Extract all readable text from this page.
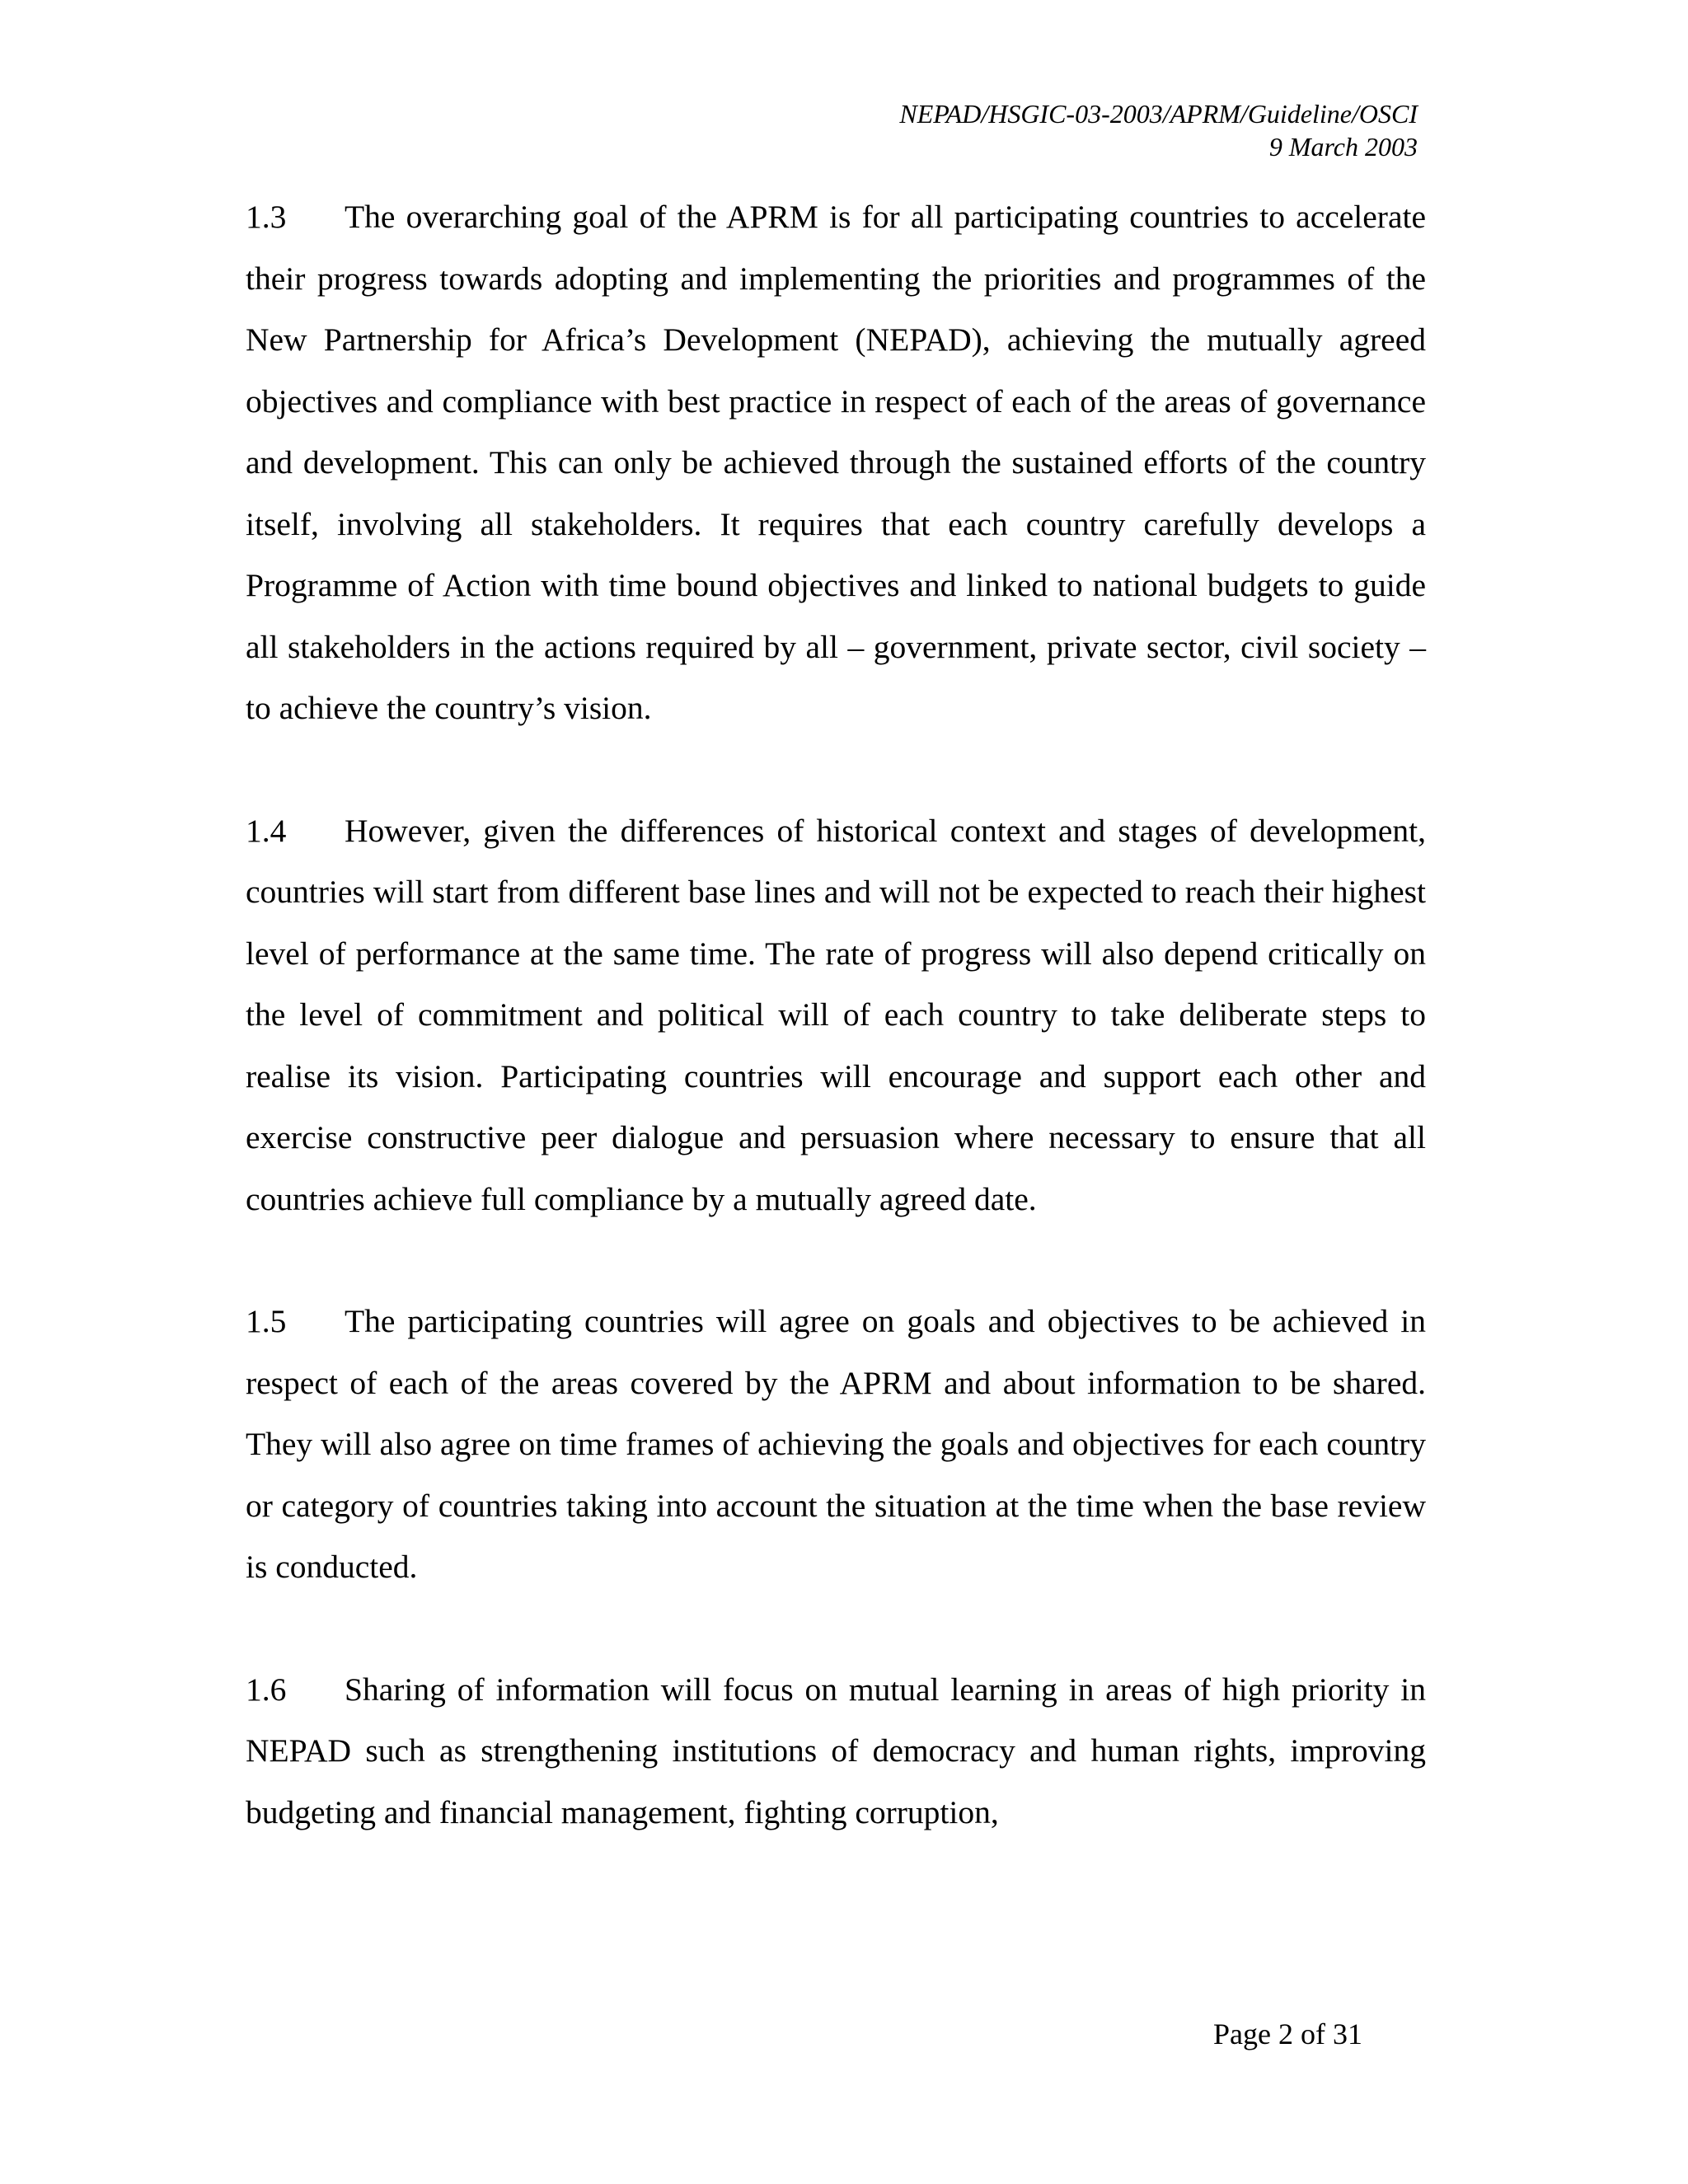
NEPAD/HSGIC-03-2003/APRM/Guideline/OSCI
9 March 2003

1.3 The overarching goal of the APRM is for all participating countries to accelerate their progress towards adopting and implementing the priorities and programmes of the New Partnership for Africa’s Development (NEPAD), achieving the mutually agreed objectives and compliance with best practice in respect of each of the areas of governance and development. This can only be achieved through the sustained efforts of the country itself, involving all stakeholders. It requires that each country carefully develops a Programme of Action with time bound objectives and linked to national budgets to guide all stakeholders in the actions required by all – government, private sector, civil society – to achieve the country’s vision.

1.4 However, given the differences of historical context and stages of development, countries will start from different base lines and will not be expected to reach their highest level of performance at the same time. The rate of progress will also depend critically on the level of commitment and political will of each country to take deliberate steps to realise its vision. Participating countries will encourage and support each other and exercise constructive peer dialogue and persuasion where necessary to ensure that all countries achieve full compliance by a mutually agreed date.

1.5 The participating countries will agree on goals and objectives to be achieved in respect of each of the areas covered by the APRM and about information to be shared. They will also agree on time frames of achieving the goals and objectives for each country or category of countries taking into account the situation at the time when the base review is conducted.

1.6 Sharing of information will focus on mutual learning in areas of high priority in NEPAD such as strengthening institutions of democracy and human rights, improving budgeting and financial management, fighting corruption,

Page 2 of 31
